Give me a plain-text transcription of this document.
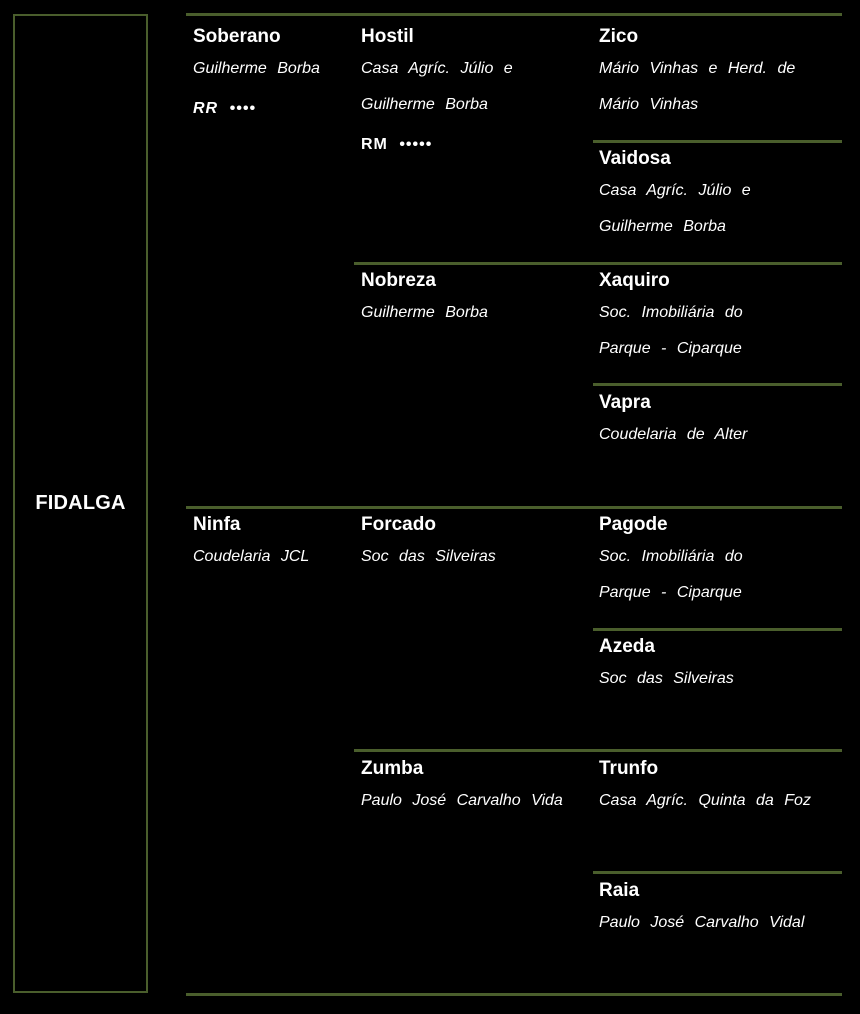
FIDALGA
Soberano
Guilherme Borba
RR ••••
Ninfa
Coudelaria JCL
Hostil
Casa Agríc. Júlio e Guilherme Borba
RM •••••
Nobreza
Guilherme Borba
Forcado
Soc das Silveiras
Zumba
Paulo José Carvalho Vida
Zico
Mário Vinhas e Herd. de Mário Vinhas
Vaidosa
Casa Agríc. Júlio e Guilherme Borba
Xaquiro
Soc. Imobiliária do Parque - Ciparque
Vapra
Coudelaria de Alter
Pagode
Soc. Imobiliária do Parque - Ciparque
Azeda
Soc das Silveiras
Trunfo
Casa Agríc. Quinta da Foz
Raia
Paulo José Carvalho Vidal
